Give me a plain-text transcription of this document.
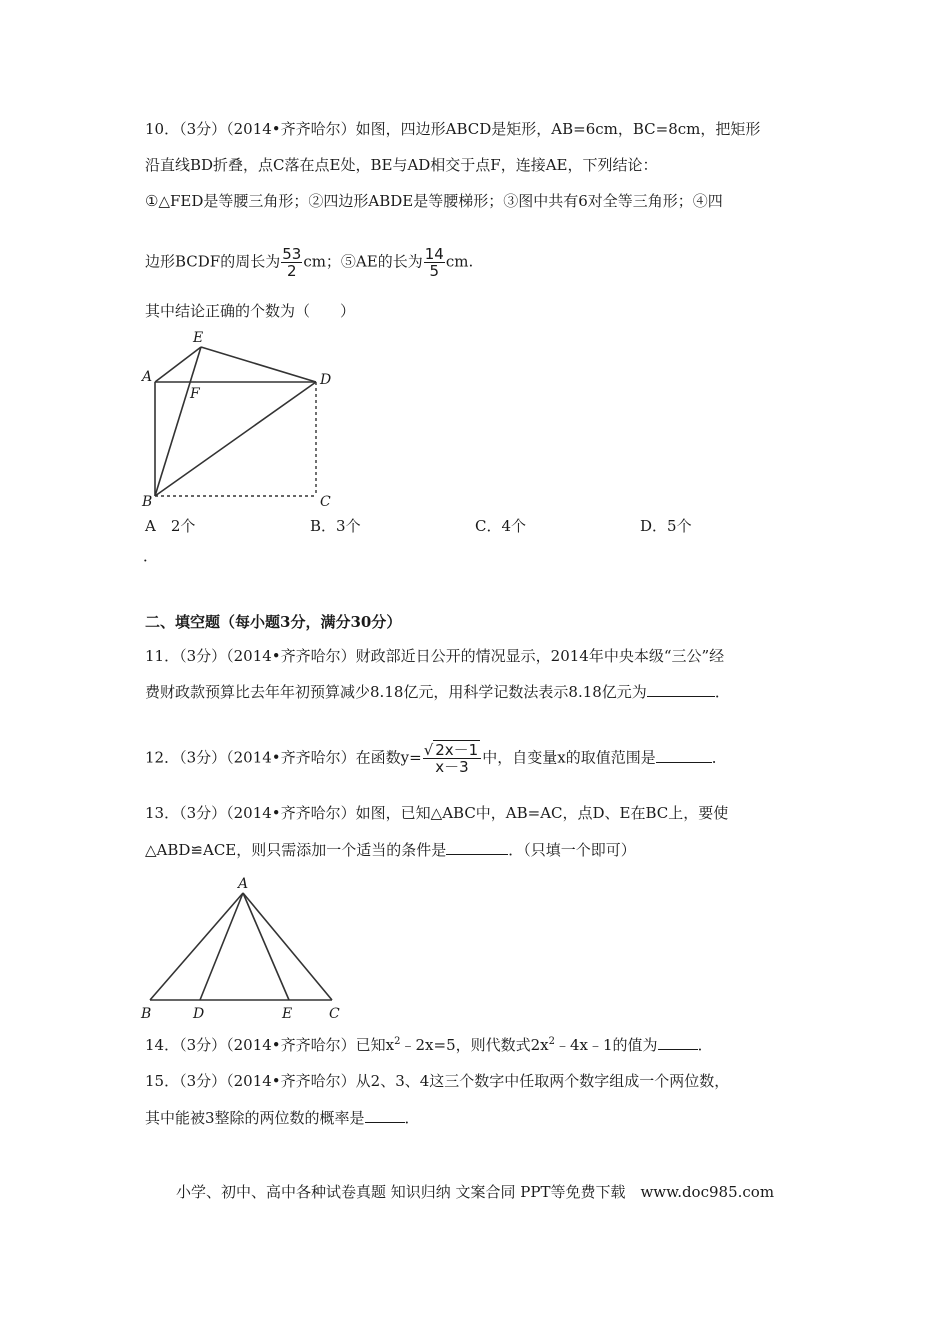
10．（3分）（2014•齐齐哈尔）如图，四边形ABCD是矩形，AB=6cm，BC=8cm，把矩形
沿直线BD折叠，点C落在点E处，BE与AD相交于点F，连接AE，下列结论：
①△FED是等腰三角形；②四边形ABDE是等腰梯形；③图中共有6对全等三角形；④四
边形BCDF的周长为 $\frac{53}{2}$ cm；⑤AE的长为 $\frac{14}{5}$ cm.
其中结论正确的个数为（　　）
E
A	D
F
B	C
A　2个	B．3个	C．4个	D．5个
．
二、填空题（每小题3分，满分30分）
11．（3分）（2014•齐齐哈尔）财政部近日公开的情况显示，2014年中央本级“三公”经
费财政款预算比去年年初预算减少8.18亿元，用科学记数法表示8.18亿元为	．
12．（3分）（2014•齐齐哈尔）在函数$y= \frac{√ 2x-1}{x-3}$ 中，自变量x的取值范围是	．
13．（3分）（2014•齐齐哈尔）如图，已知△ABC中，AB=AC，点D、E在BC上，要使
△ABD≌ACE，则只需添加一个适当的条件是	．（只填一个即可）
A
B	D	E	C
14．（3分）（2014•齐齐哈尔）已知$x^2﹣2x=5$，则代数式$2x^2﹣4x﹣1$的值为	．
15．（3分）（2014•齐齐哈尔）从2、3、4这三个数字中任取两个数字组成一个两位数，
其中能被3整除的两位数的概率是	．
小学、初中、高中各种试卷真题 知识归纳 文案合同 PPT等免费下载　www.doc985.com
